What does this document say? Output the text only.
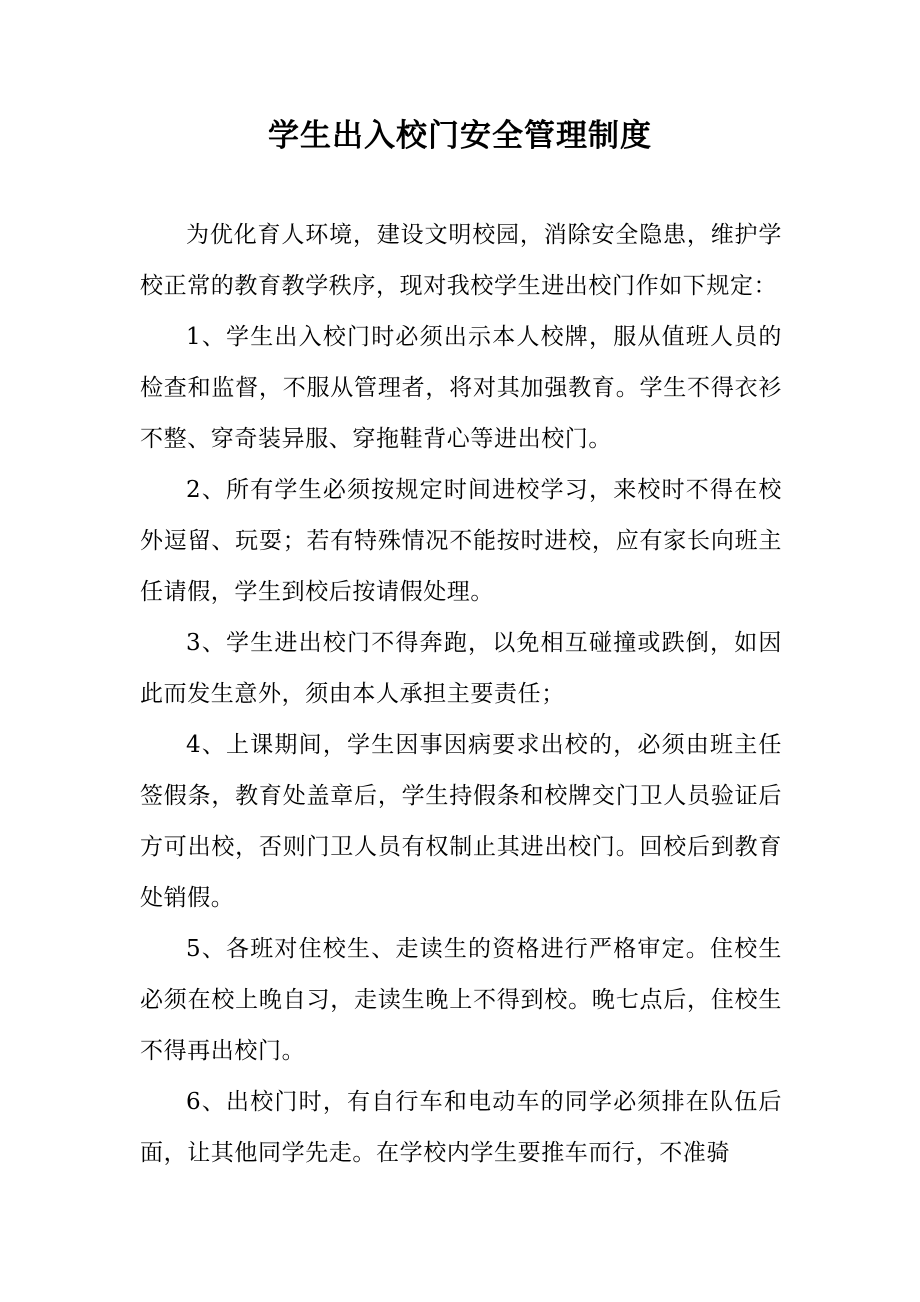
学生出入校门安全管理制度

为优化育人环境，建设文明校园，消除安全隐患，维护学校正常的教育教学秩序，现对我校学生进出校门作如下规定：

1、学生出入校门时必须出示本人校牌，服从值班人员的检查和监督，不服从管理者，将对其加强教育。学生不得衣衫不整、穿奇装异服、穿拖鞋背心等进出校门。

2、所有学生必须按规定时间进校学习，来校时不得在校外逗留、玩耍；若有特殊情况不能按时进校，应有家长向班主任请假，学生到校后按请假处理。

3、学生进出校门不得奔跑，以免相互碰撞或跌倒，如因此而发生意外，须由本人承担主要责任；

4、上课期间，学生因事因病要求出校的，必须由班主任签假条，教育处盖章后，学生持假条和校牌交门卫人员验证后方可出校，否则门卫人员有权制止其进出校门。回校后到教育处销假。

5、各班对住校生、走读生的资格进行严格审定。住校生必须在校上晚自习，走读生晚上不得到校。晚七点后，住校生不得再出校门。

6、出校门时，有自行车和电动车的同学必须排在队伍后面，让其他同学先走。在学校内学生要推车而行，不准骑
